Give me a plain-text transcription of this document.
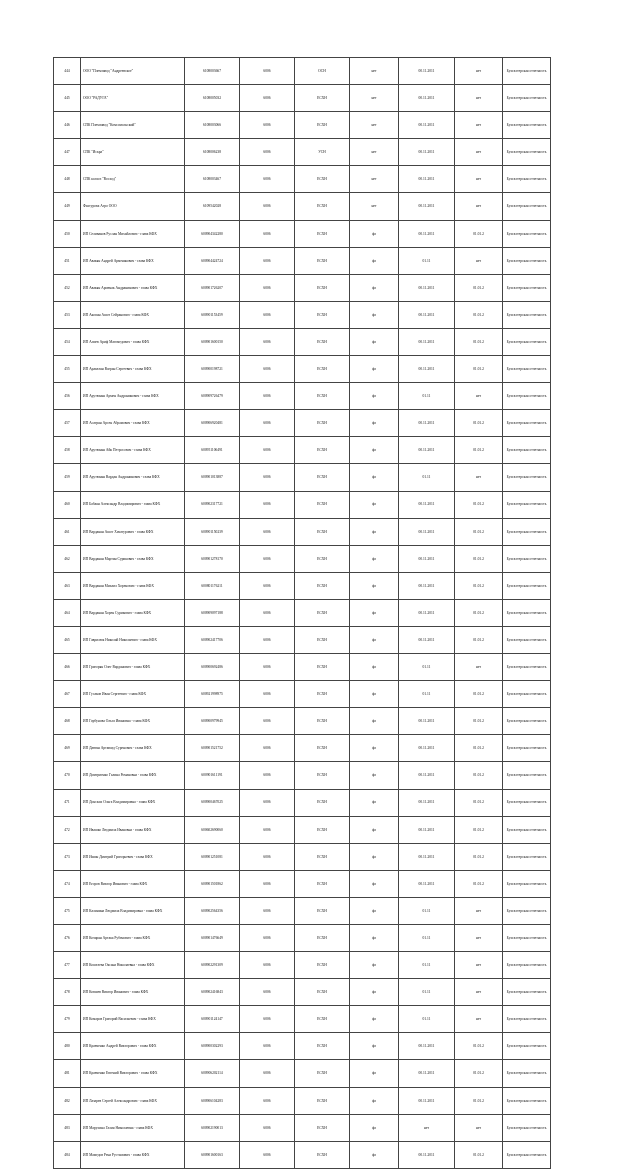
444	ООО "Племзавод "Андреевское"	6108003667	6006	ОСН	нет	00.11.2011	нет	Бухгалтерская отчетность
445	ООО "РАДУГА"	6108005032	6006	ЕСХН	нет	00.11.2011	нет	Бухгалтерская отчетность
446	СПК Племзавод "Комсомольский"	6108003066	6006	ЕСХН	нет	00.11.2011	нет	Бухгалтерская отчетность
447	СПК "Искра"	6108006238	6006	УСН	нет	00.11.2011	нет	Бухгалтерская отчетность
448	СПК колхоз "Восход"	6108003467	6006	ЕСХН	нет	00.11.2011	нет	Бухгалтерская отчетность
449	Фахтурова Агро ООО	6109542028	6006	ЕСХН	нет	00.11.2011	нет	Бухгалтерская отчетность
450	ИП Селиванов Руслан Михайлович - глава КФХ	600904342280	6006	ЕСХН	фл	00.11.2011	01.01.2	Бухгалтерская отчетность
451	ИП Авакян Андрей Арменакович - глава КФХ	600904424724	6006	ЕСХН	фл	01.11	нет	Бухгалтерская отчетность
452	ИП Авакян Арменак Андраникович - глава КФХ	600901726207	6006	ЕСХН	фл	00.11.2011	01.01.2	Бухгалтерская отчетность
453	ИП Акопян Ашот Сейранович - глава КФХ	600901153459	6006	ЕСХН	фл	00.11.2011	01.01.2	Бухгалтерская отчетность
454	ИП Алиев Ариф Магомедович - глава КФХ	600901600150	6006	ЕСХН	фл	00.11.2011	01.01.2	Бухгалтерская отчетность
455	ИП Аракелян Вагран Сергеевич - глава КФХ	600900198721	6006	ЕСХН	фл	00.11.2011	01.01.2	Бухгалтерская отчетность
456	ИП Арутюнян Армен Андраникович - глава КФХ	600909726479	6006	ЕСХН	фл	01.11	нет	Бухгалтерская отчетность
457	ИП Асатрян Арсен Абрамович - глава КФХ	600906920481	6006	ЕСХН	фл	00.11.2011	01.01.2	Бухгалтерская отчетность
458	ИП Арутюнян Айк Петросович - глава КФХ	600951106491	6006	ЕСХН	фл	00.11.2011	01.01.2	Бухгалтерская отчетность
459	ИП Арутюнян Вардан Андраникович - глава КФХ	600901013887	6006	ЕСХН	фл	01.11	нет	Бухгалтерская отчетность
460	ИП Бабаян Александр Владимирович - глава КФХ	600902317721	6006	ЕСХН	фл	00.11.2011	01.01.2	Бухгалтерская отчетность
461	ИП Варданян Ашот Хачатурович - глава КФХ	600901150239	6006	ЕСХН	фл	00.11.2011	01.01.2	Бухгалтерская отчетность
462	ИП Варданян Мартин Сурикович - глава КФХ	600901278170	6006	ЕСХН	фл	00.11.2011	01.01.2	Бухгалтерская отчетность
463	ИП Варданян Михаил Хоренович - глава КФХ	600801176211	6006	ЕСХН	фл	00.11.2011	01.01.2	Бухгалтерская отчетность
464	ИП Варданян Хорен Сурикович - глава КФХ	600909097188	6006	ЕСХН	фл	00.11.2011	01.01.2	Бухгалтерская отчетность
465	ИП Гаврилюк Николай Николаевич - глава КФХ	600902417706	6006	ЕСХН	фл	00.11.2011	01.01.2	Бухгалтерская отчетность
466	ИП Григорян Олег Варданович - глава КФХ	600900692486	6006	ЕСХН	фл	01.11	нет	Бухгалтерская отчетность
467	ИП Гусаков Иван Сергеевич - глава КФХ	600921998975	6006	ЕСХН	фл	01.11	01.01.2	Бухгалтерская отчетность
468	ИП Горбунова Ольга Ивановна - глава КФХ	600900979945	6006	ЕСХН	фл	00.11.2011	01.01.2	Бухгалтерская отчетность
469	ИП Давтян Артавазд Суренович - глава КФХ	600901521752	6006	ЕСХН	фл	00.11.2011	01.01.2	Бухгалтерская отчетность
470	ИП Дмитриенко Галина Романовна - глава КФХ	600901611191	6006	ЕСХН	фл	00.11.2011	01.01.2	Бухгалтерская отчетность
471	ИП Донских Ольга Владимировна - глава КФХ	600900467025	6006	ЕСХН	фл	00.11.2011	01.01.2	Бухгалтерская отчетность
472	ИП Ивашко Людмила Ивановна - глава КФХ	600602690060	6006	ЕСХН	фл	00.11.2011	01.01.2	Бухгалтерская отчетность
473	ИП Ишин Дмитрий Григорьевич - глава КФХ	600901251081	6006	ЕСХН	фл	00.11.2011	01.01.2	Бухгалтерская отчетность
474	ИП Егоров Виктор Иванович - глава КФХ	600901501862	6006	ЕСХН	фл	00.11.2011	01.01.2	Бухгалтерская отчетность
475	ИП Калинина Людмила Владимировна - глава КФХ	600902564356	6006	ЕСХН	фл	01.11	нет	Бухгалтерская отчетность
476	ИП Кочарян Артака Рубенович - глава КФХ	600901476649	6006	ЕСХН	фл	01.11	нет	Бухгалтерская отчетность
477	ИП Кошелева Оксана Николаевна - глава КФХ	600902291309	6006	ЕСХН	фл	01.11	нет	Бухгалтерская отчетность
478	ИП Ковшев Виктор Иванович - глава КФХ	600902416843	6006	ЕСХН	фл	01.11	нет	Бухгалтерская отчетность
479	ИП Комаров Григорий Васильевич - глава КФХ	600901124147	6006	ЕСХН	фл	01.11	нет	Бухгалтерская отчетность
480	ИП Кравченко Андрей Викторович - глава КФХ	600900302293	6006	ЕСХН	фл	00.11.2011	01.01.2	Бухгалтерская отчетность
481	ИП Кравченко Евгений Викторович - глава КФХ	600906202114	6006	ЕСХН	фл	00.11.2011	01.01.2	Бухгалтерская отчетность
482	ИП Лазарев Сергей Александрович - глава КФХ	600906104283	6006	ЕСХН	фл	00.11.2011	01.01.2	Бухгалтерская отчетность
483	ИП Марухина Галия Николаевна - глава КФХ	600902190013	6006	ЕСХН	фл	нет	нет	Бухгалтерская отчетность
484	ИП Мамедов Рена Рустамович - глава КФХ	600901600163	6006	ЕСХН	фл	00.11.2011	01.01.2	Бухгалтерская отчетность
